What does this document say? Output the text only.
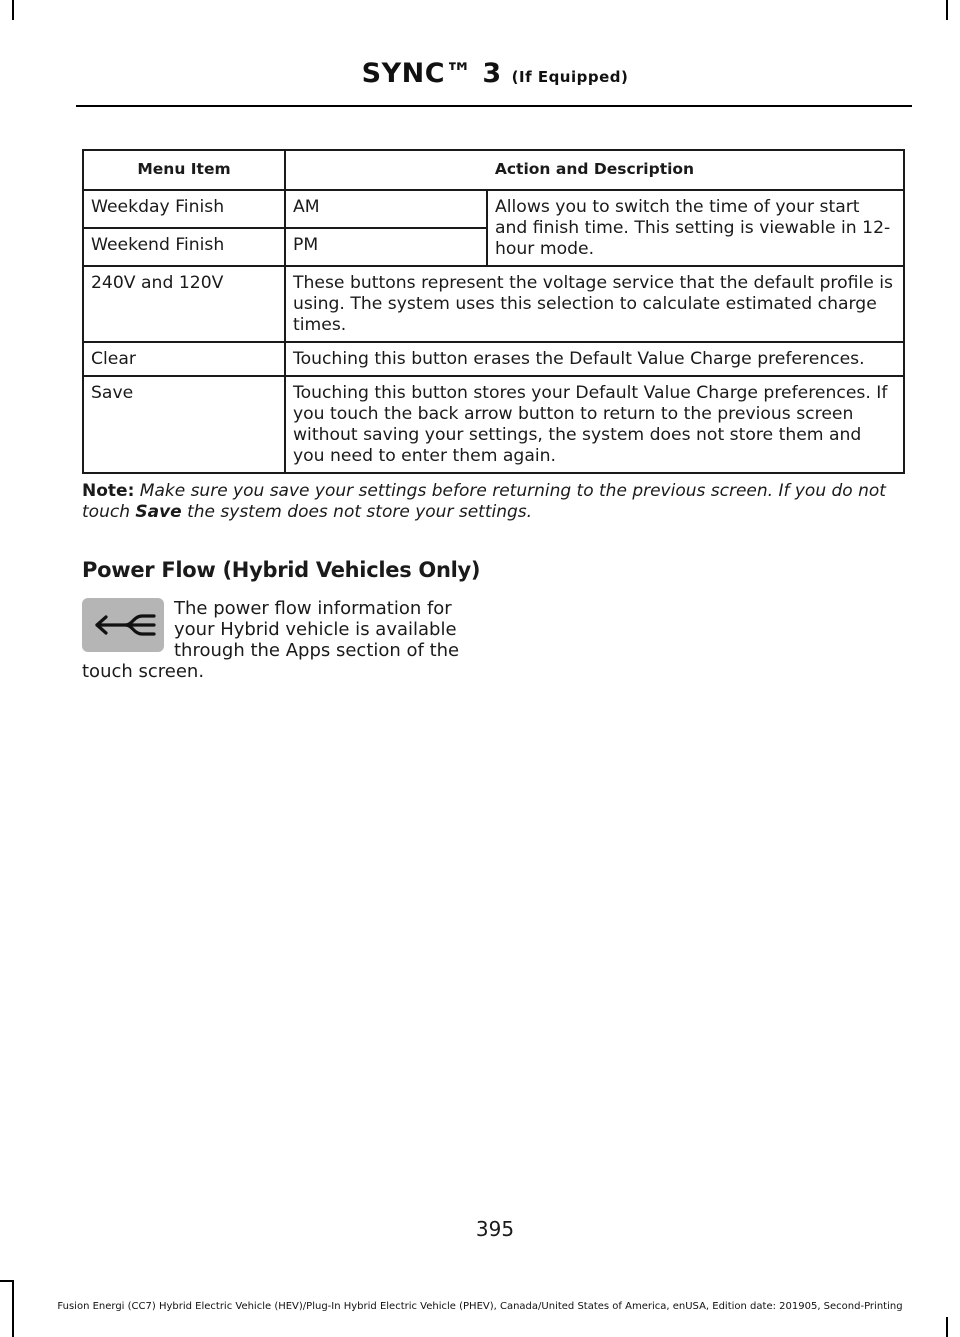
SYNC™ 3 (If Equipped)
Menu Item	Action and Description	
Weekday Finish	AM	Allows you to switch the time of your start and finish time. This setting is viewable in 12-hour mode.
Weekend Finish	PM	
240V and 120V	These buttons represent the voltage service that the default profile is using. The system uses this selection to calculate estimated charge times.	
Clear	Touching this button erases the Default Value Charge preferences.	
Save	Touching this button stores your Default Value Charge preferences. If you touch the back arrow button to return to the previous screen without saving your settings, the system does not store them and you need to enter them again.	
Note: Make sure you save your settings before returning to the previous screen. If you do not touch Save the system does not store your settings.
Power Flow (Hybrid Vehicles Only)
The power flow information for
your Hybrid vehicle is available
through the Apps section of the
touch screen.
395
Fusion Energi (CC7) Hybrid Electric Vehicle (HEV)/Plug-In Hybrid Electric Vehicle (PHEV), Canada/United States of America, enUSA, Edition date: 201905, Second-Printing
